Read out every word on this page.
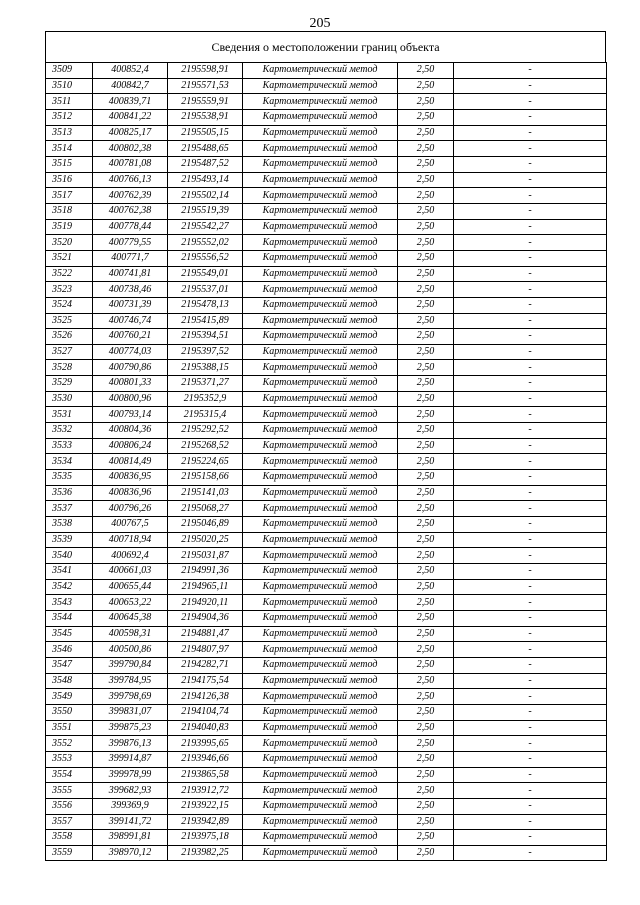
205
Сведения о местоположении границ объекта
3509	400852,4	2195598,91	Картометрический метод	2,50	-
3510	400842,7	2195571,53	Картометрический метод	2,50	-
3511	400839,71	2195559,91	Картометрический метод	2,50	-
3512	400841,22	2195538,91	Картометрический метод	2,50	-
3513	400825,17	2195505,15	Картометрический метод	2,50	-
3514	400802,38	2195488,65	Картометрический метод	2,50	-
3515	400781,08	2195487,52	Картометрический метод	2,50	-
3516	400766,13	2195493,14	Картометрический метод	2,50	-
3517	400762,39	2195502,14	Картометрический метод	2,50	-
3518	400762,38	2195519,39	Картометрический метод	2,50	-
3519	400778,44	2195542,27	Картометрический метод	2,50	-
3520	400779,55	2195552,02	Картометрический метод	2,50	-
3521	400771,7	2195556,52	Картометрический метод	2,50	-
3522	400741,81	2195549,01	Картометрический метод	2,50	-
3523	400738,46	2195537,01	Картометрический метод	2,50	-
3524	400731,39	2195478,13	Картометрический метод	2,50	-
3525	400746,74	2195415,89	Картометрический метод	2,50	-
3526	400760,21	2195394,51	Картометрический метод	2,50	-
3527	400774,03	2195397,52	Картометрический метод	2,50	-
3528	400790,86	2195388,15	Картометрический метод	2,50	-
3529	400801,33	2195371,27	Картометрический метод	2,50	-
3530	400800,96	2195352,9	Картометрический метод	2,50	-
3531	400793,14	2195315,4	Картометрический метод	2,50	-
3532	400804,36	2195292,52	Картометрический метод	2,50	-
3533	400806,24	2195268,52	Картометрический метод	2,50	-
3534	400814,49	2195224,65	Картометрический метод	2,50	-
3535	400836,95	2195158,66	Картометрический метод	2,50	-
3536	400836,96	2195141,03	Картометрический метод	2,50	-
3537	400796,26	2195068,27	Картометрический метод	2,50	-
3538	400767,5	2195046,89	Картометрический метод	2,50	-
3539	400718,94	2195020,25	Картометрический метод	2,50	-
3540	400692,4	2195031,87	Картометрический метод	2,50	-
3541	400661,03	2194991,36	Картометрический метод	2,50	-
3542	400655,44	2194965,11	Картометрический метод	2,50	-
3543	400653,22	2194920,11	Картометрический метод	2,50	-
3544	400645,38	2194904,36	Картометрический метод	2,50	-
3545	400598,31	2194881,47	Картометрический метод	2,50	-
3546	400500,86	2194807,97	Картометрический метод	2,50	-
3547	399790,84	2194282,71	Картометрический метод	2,50	-
3548	399784,95	2194175,54	Картометрический метод	2,50	-
3549	399798,69	2194126,38	Картометрический метод	2,50	-
3550	399831,07	2194104,74	Картометрический метод	2,50	-
3551	399875,23	2194040,83	Картометрический метод	2,50	-
3552	399876,13	2193995,65	Картометрический метод	2,50	-
3553	399914,87	2193946,66	Картометрический метод	2,50	-
3554	399978,99	2193865,58	Картометрический метод	2,50	-
3555	399682,93	2193912,72	Картометрический метод	2,50	-
3556	399369,9	2193922,15	Картометрический метод	2,50	-
3557	399141,72	2193942,89	Картометрический метод	2,50	-
3558	398991,81	2193975,18	Картометрический метод	2,50	-
3559	398970,12	2193982,25	Картометрический метод	2,50	-
